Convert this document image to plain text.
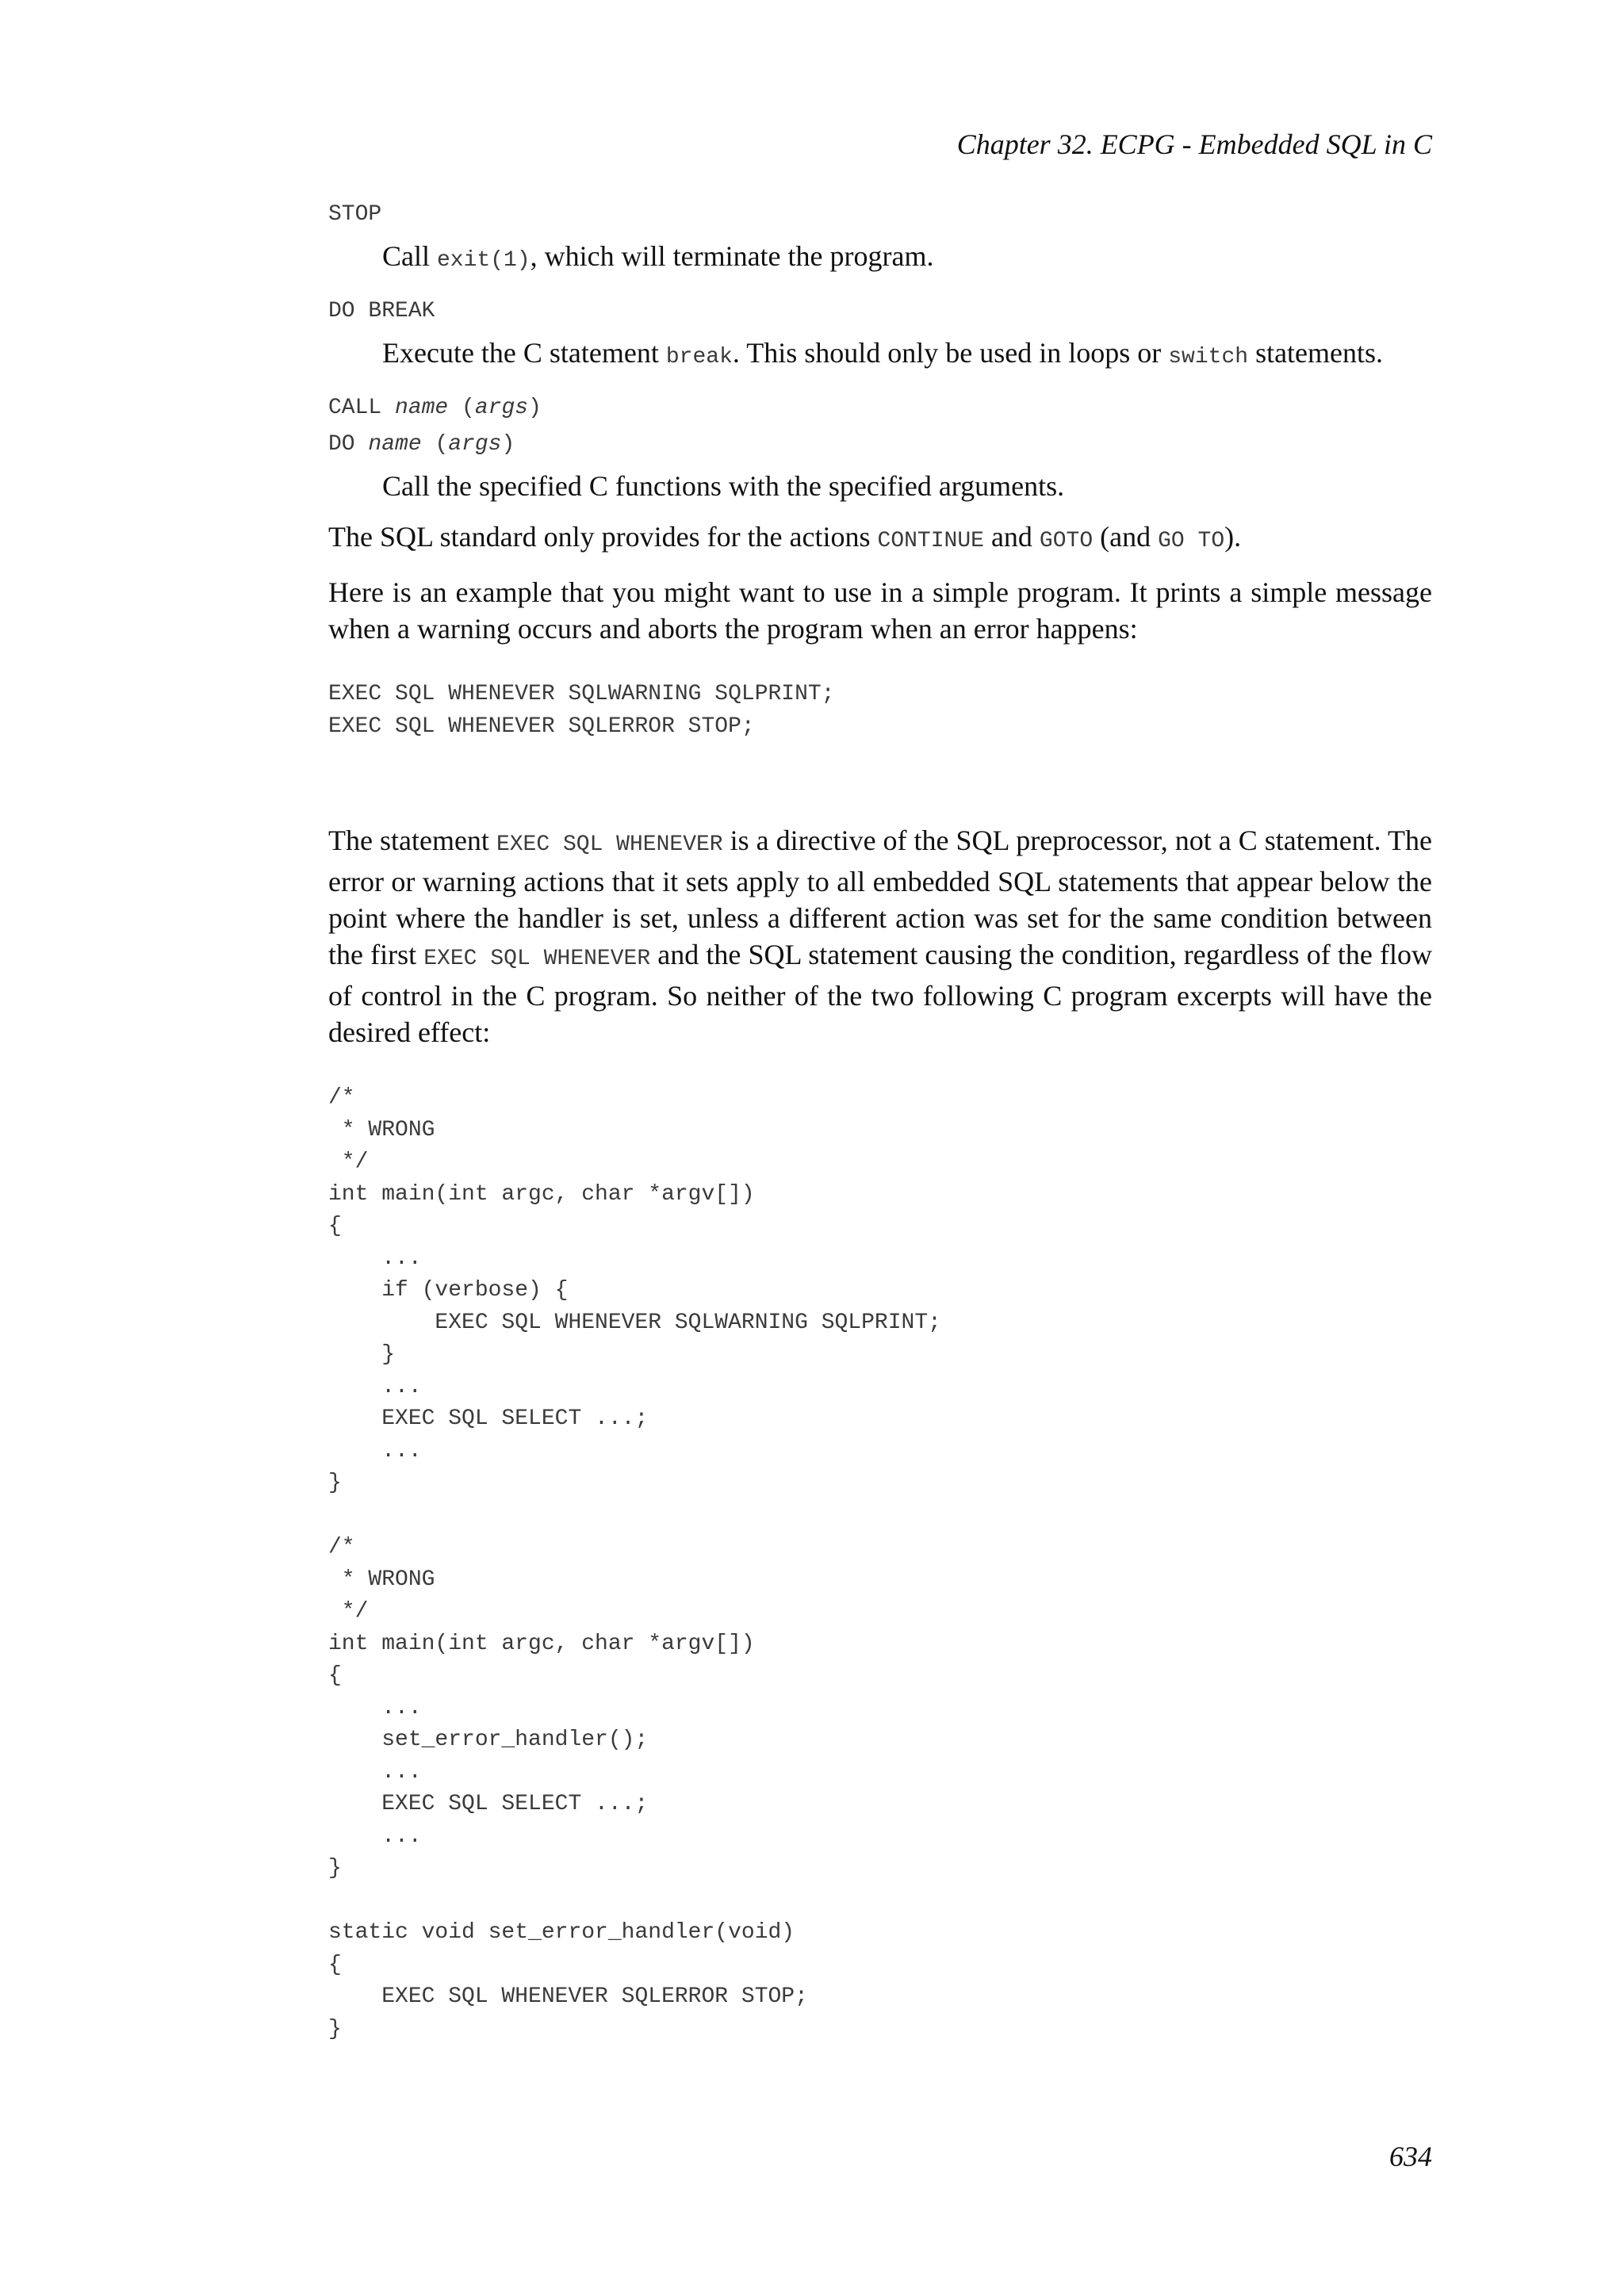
Chapter 32. ECPG - Embedded SQL in C
STOP
Call exit(1), which will terminate the program.
DO BREAK
Execute the C statement break. This should only be used in loops or switch statements.
CALL name (args)
DO name (args)
Call the specified C functions with the specified arguments.

The SQL standard only provides for the actions CONTINUE and GOTO (and GO TO).

Here is an example that you might want to use in a simple program. It prints a simple message when a warning occurs and aborts the program when an error happens:

EXEC SQL WHENEVER SQLWARNING SQLPRINT;
EXEC SQL WHENEVER SQLERROR STOP;

The statement EXEC SQL WHENEVER is a directive of the SQL preprocessor, not a C statement. The error or warning actions that it sets apply to all embedded SQL statements that appear below the point where the handler is set, unless a different action was set for the same condition between the first EXEC SQL WHENEVER and the SQL statement causing the condition, regardless of the flow of control in the C program. So neither of the two following C program excerpts will have the desired effect:

/*
* WRONG
*/
int main(int argc, char *argv[])
{
...
if (verbose) {
EXEC SQL WHENEVER SQLWARNING SQLPRINT;
}
...
EXEC SQL SELECT ...;
...
}

/*
* WRONG
*/
int main(int argc, char *argv[])
{
...
set_error_handler();
...
EXEC SQL SELECT ...;
...
}

static void set_error_handler(void)
{
EXEC SQL WHENEVER SQLERROR STOP;
}
634
